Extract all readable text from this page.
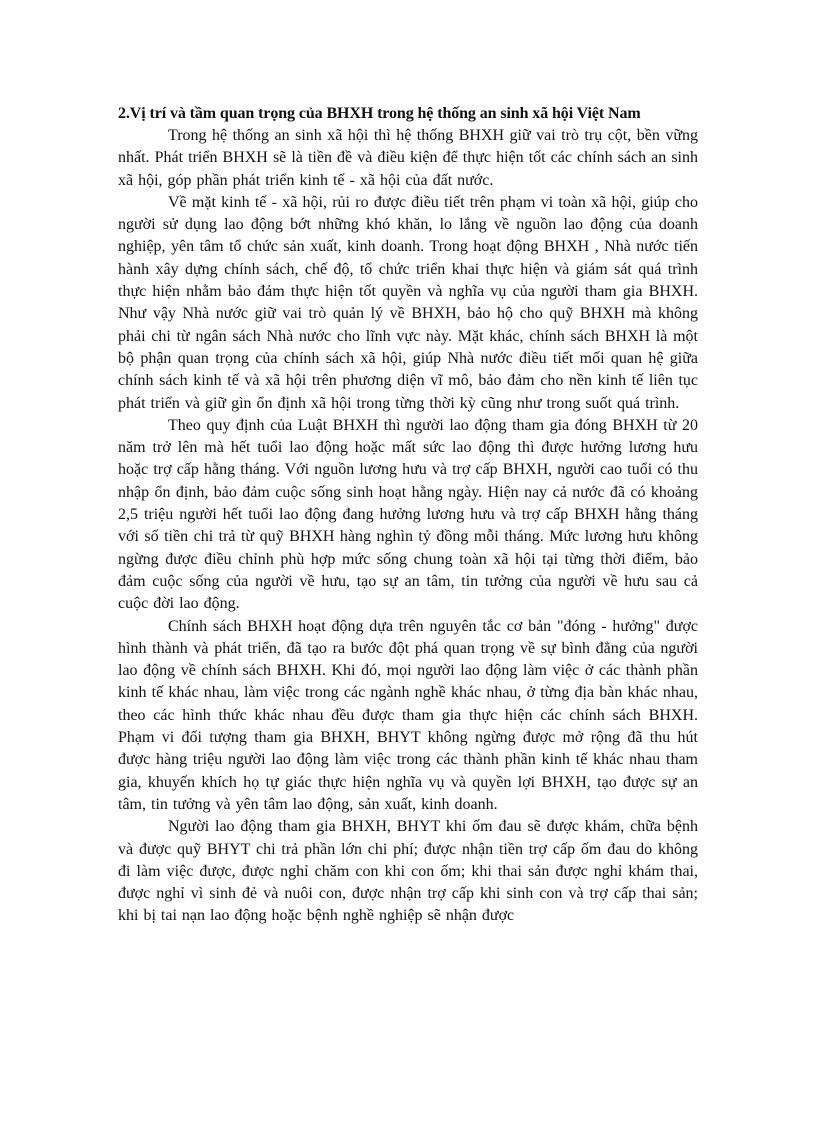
2.Vị trí và tầm quan trọng của BHXH trong hệ thống an sinh xã hội Việt Nam

Trong hệ thống an sinh xã hội thì hệ thống BHXH giữ vai trò trụ cột, bền vững nhất. Phát triển BHXH sẽ là tiền đề và điều kiện để thực hiện tốt các chính sách an sinh xã hội, góp phần phát triển kinh tế - xã hội của đất nước.

Về mặt kinh tế - xã hội, rủi ro được điều tiết trên phạm vi toàn xã hội, giúp cho người sử dụng lao động bớt những khó khăn, lo lắng về nguồn lao động của doanh nghiệp, yên tâm tổ chức sản xuất, kinh doanh. Trong hoạt động BHXH , Nhà nước tiến hành xây dựng chính sách, chế độ, tổ chức triển khai thực hiện và giám sát quá trình thực hiện nhằm bảo đảm thực hiện tốt quyền và nghĩa vụ của người tham gia BHXH. Như vậy Nhà nước giữ vai trò quản lý về BHXH, bảo hộ cho quỹ BHXH mà không phải chi từ ngân sách Nhà nước cho lĩnh vực này. Mặt khác, chính sách BHXH là một bộ phận quan trọng của chính sách xã hội, giúp Nhà nước điều tiết mối quan hệ giữa chính sách kinh tế và xã hội trên phương diện vĩ mô, bảo đảm cho nền kinh tế liên tục phát triển và giữ gìn ổn định xã hội trong từng thời kỳ cũng như trong suốt quá trình.

Theo quy định của Luật BHXH thì người lao động tham gia đóng BHXH từ 20 năm trở lên mà hết tuổi lao động hoặc mất sức lao động thì được hưởng lương hưu hoặc trợ cấp hằng tháng. Với nguồn lương hưu và trợ cấp BHXH, người cao tuổi có thu nhập ổn định, bảo đảm cuộc sống sinh hoạt hằng ngày. Hiện nay cả nước đã có khoảng 2,5 triệu người hết tuổi lao động đang hưởng lương hưu và trợ cấp BHXH hằng tháng với số tiền chi trả từ quỹ BHXH hàng nghìn tỷ đồng mỗi tháng. Mức lương hưu không ngừng được điều chỉnh phù hợp mức sống chung toàn xã hội tại từng thời điểm, bảo đảm cuộc sống của người về hưu, tạo sự an tâm, tin tưởng của người về hưu sau cả cuộc đời lao động.

Chính sách BHXH hoạt động dựa trên nguyên tắc cơ bản "đóng - hưởng" được hình thành và phát triển, đã tạo ra bước đột phá quan trọng về sự bình đẳng của người lao động về chính sách BHXH. Khi đó, mọi người lao động làm việc ở các thành phần kinh tế khác nhau, làm việc trong các ngành nghề khác nhau, ở từng địa bàn khác nhau, theo các hình thức khác nhau đều được tham gia thực hiện các chính sách BHXH. Phạm vi đối tượng tham gia BHXH, BHYT không ngừng được mở rộng đã thu hút được hàng triệu người lao động làm việc trong các thành phần kinh tế khác nhau tham gia, khuyến khích họ tự giác thực hiện nghĩa vụ và quyền lợi BHXH, tạo được sự an tâm, tin tưởng và yên tâm lao động, sản xuất, kinh doanh.

Người lao động tham gia BHXH, BHYT khi ốm đau sẽ được khám, chữa bệnh và được quỹ BHYT chi trả phần lớn chi phí; được nhận tiền trợ cấp ốm đau do không đi làm việc được, được nghỉ chăm con khi con ốm; khi thai sản được nghỉ khám thai, được nghỉ vì sinh đẻ và nuôi con, được nhận trợ cấp khi sinh con và trợ cấp thai sản; khi bị tai nạn lao động hoặc bệnh nghề nghiệp sẽ nhận được
